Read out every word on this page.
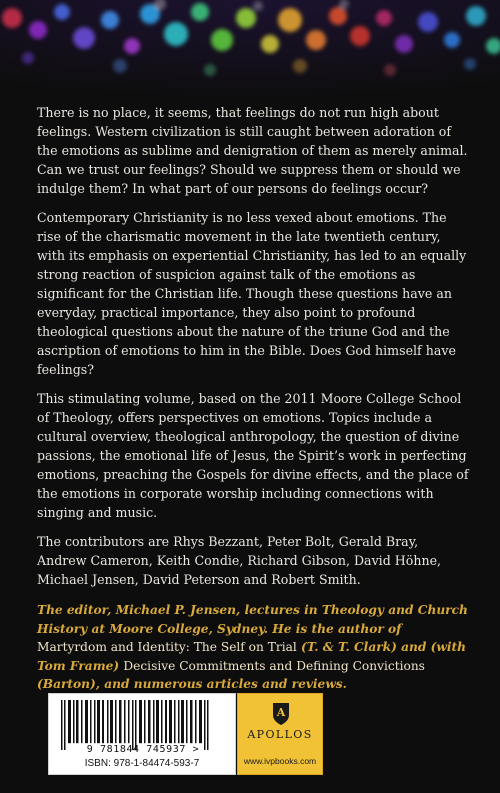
There is no place, it seems, that feelings do not run high about feelings. Western civilization is still caught between adoration of the emotions as sublime and denigration of them as merely animal. Can we trust our feelings? Should we suppress them or should we indulge them? In what part of our persons do feelings occur?

Contemporary Christianity is no less vexed about emotions. The rise of the charismatic movement in the late twentieth century, with its emphasis on experiential Christianity, has led to an equally strong reaction of suspicion against talk of the emotions as significant for the Christian life. Though these questions have an everyday, practical importance, they also point to profound theological questions about the nature of the triune God and the ascription of emotions to him in the Bible. Does God himself have feelings?

This stimulating volume, based on the 2011 Moore College School of Theology, offers perspectives on emotions. Topics include a cultural overview, theological anthropology, the question of divine passions, the emotional life of Jesus, the Spirit’s work in perfecting emotions, preaching the Gospels for divine effects, and the place of the emotions in corporate worship including connections with singing and music.

The contributors are Rhys Bezzant, Peter Bolt, Gerald Bray, Andrew Cameron, Keith Condie, Richard Gibson, David Höhne, Michael Jensen, David Peterson and Robert Smith.

The editor, Michael P. Jensen, lectures in Theology and Church History at Moore College, Sydney. He is the author of Martyrdom and Identity: The Self on Trial (T. & T. Clark) and (with Tom Frame) Decisive Commitments and Defining Convictions (Barton), and numerous articles and reviews.
9 781844 745937 >
ISBN: 978-1-84474-593-7
A
APOLLOS
www.ivpbooks.com
